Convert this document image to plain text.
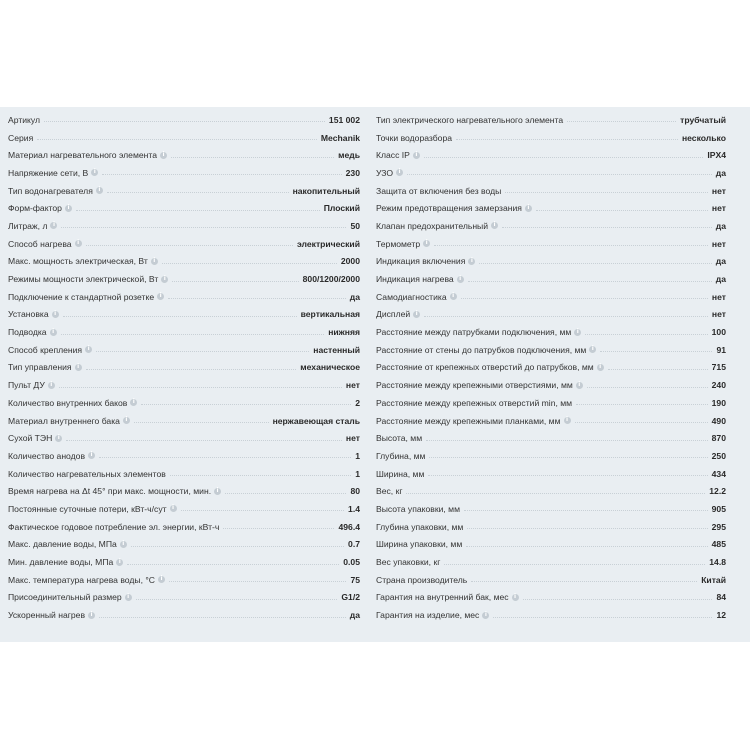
Артикул	151 002
Серия	Mechanik
Материал нагревательного элемента i	медь
Напряжение сети, В i	230
Тип водонагревателя i	накопительный
Форм-фактор i	Плоский
Литраж, л i	50
Способ нагрева i	электрический
Макс. мощность электрическая, Вт i	2000
Режимы мощности электрической, Вт i	800/1200/2000
Подключение к стандартной розетке i	да
Установка i	вертикальная
Подводка i	нижняя
Способ крепления i	настенный
Тип управления i	механическое
Пульт ДУ i	нет
Количество внутренних баков i	2
Материал внутреннего бака i	нержавеющая сталь
Сухой ТЭН i	нет
Количество анодов i	1
Количество нагревательных элементов	1
Время нагрева на Δt 45° при макс. мощности, мин. i	80
Постоянные суточные потери, кВт-ч/сут i	1.4
Фактическое годовое потребление эл. энергии, кВт-ч	496.4
Макс. давление воды, МПа i	0.7
Мин. давление воды, МПа i	0.05
Макс. температура нагрева воды, °C i	75
Присоединительный размер i	G1/2
Ускоренный нагрев i	да
Тип электрического нагревательного элемента	трубчатый
Точки водоразбора	несколько
Класс IP i	IPX4
УЗО i	да
Защита от включения без воды	нет
Режим предотвращения замерзания i	нет
Клапан предохранительный i	да
Термометр i	нет
Индикация включения i	да
Индикация нагрева i	да
Самодиагностика i	нет
Дисплей i	нет
Расстояние между патрубками подключения, мм i	100
Расстояние от стены до патрубков подключения, мм i	91
Расстояние от крепежных отверстий до патрубков, мм i	715
Расстояние между крепежными отверстиями, мм i	240
Расстояние между крепежных отверстий min, мм	190
Расстояние между крепежными планками, мм i	490
Высота, мм	870
Глубина, мм	250
Ширина, мм	434
Вес, кг	12.2
Высота упаковки, мм	905
Глубина упаковки, мм	295
Ширина упаковки, мм	485
Вес упаковки, кг	14.8
Страна производитель	Китай
Гарантия на внутренний бак, мес i	84
Гарантия на изделие, мес i	12
